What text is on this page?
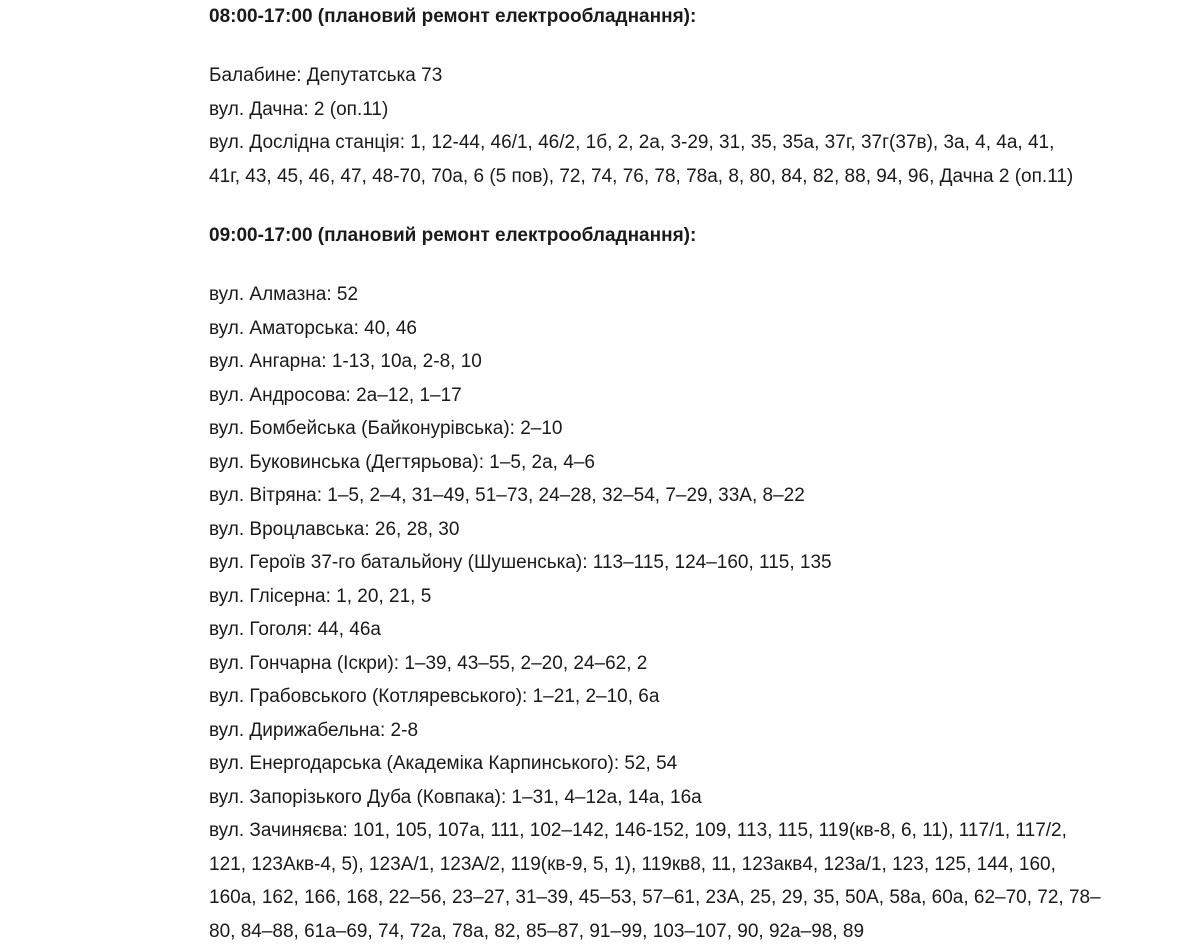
08:00-17:00 (плановий ремонт електрообладнання):

Балабине: Депутатська 73
вул. Дачна: 2 (оп.11)
вул. Дослідна станція: 1, 12-44, 46/1, 46/2, 1б, 2, 2а, 3-29, 31, 35, 35а, 37г, 37г(37в), 3а, 4, 4а, 41,
41г, 43, 45, 46, 47, 48-70, 70а, 6 (5 пов), 72, 74, 76, 78, 78а, 8, 80, 84, 82, 88, 94, 96, Дачна 2 (оп.11)

09:00-17:00 (плановий ремонт електрообладнання):

вул. Алмазна: 52
вул. Аматорська: 40, 46
вул. Ангарна: 1-13, 10а, 2-8, 10
вул. Андросова: 2а–12, 1–17
вул. Бомбейська (Байконурівська): 2–10
вул. Буковинська (Дегтярьова): 1–5, 2а, 4–6
вул. Вітряна: 1–5, 2–4, 31–49, 51–73, 24–28, 32–54, 7–29, 33А, 8–22
вул. Вроцлавська: 26, 28, 30
вул. Героїв 37-го батальйону (Шушенська): 113–115, 124–160, 115, 135
вул. Глісерна: 1, 20, 21, 5
вул. Гоголя: 44, 46а
вул. Гончарна (Іскри): 1–39, 43–55, 2–20, 24–62, 2
вул. Грабовського (Котляревського): 1–21, 2–10, 6а
вул. Дирижабельна: 2-8
вул. Енергодарська (Академіка Карпинського): 52, 54
вул. Запорізького Дуба (Ковпака): 1–31, 4–12а, 14а, 16а
вул. Зачиняєва: 101, 105, 107а, 111, 102–142, 146-152, 109, 113, 115, 119(кв-8, 6, 11), 117/1, 117/2,
121, 123Акв-4, 5), 123А/1, 123А/2, 119(кв-9, 5, 1), 119кв8, 11, 123акв4, 123а/1, 123, 125, 144, 160,
160а, 162, 166, 168, 22–56, 23–27, 31–39, 45–53, 57–61, 23А, 25, 29, 35, 50А, 58а, 60а, 62–70, 72, 78–
80, 84–88, 61а–69, 74, 72а, 78а, 82, 85–87, 91–99, 103–107, 90, 92а–98, 89
